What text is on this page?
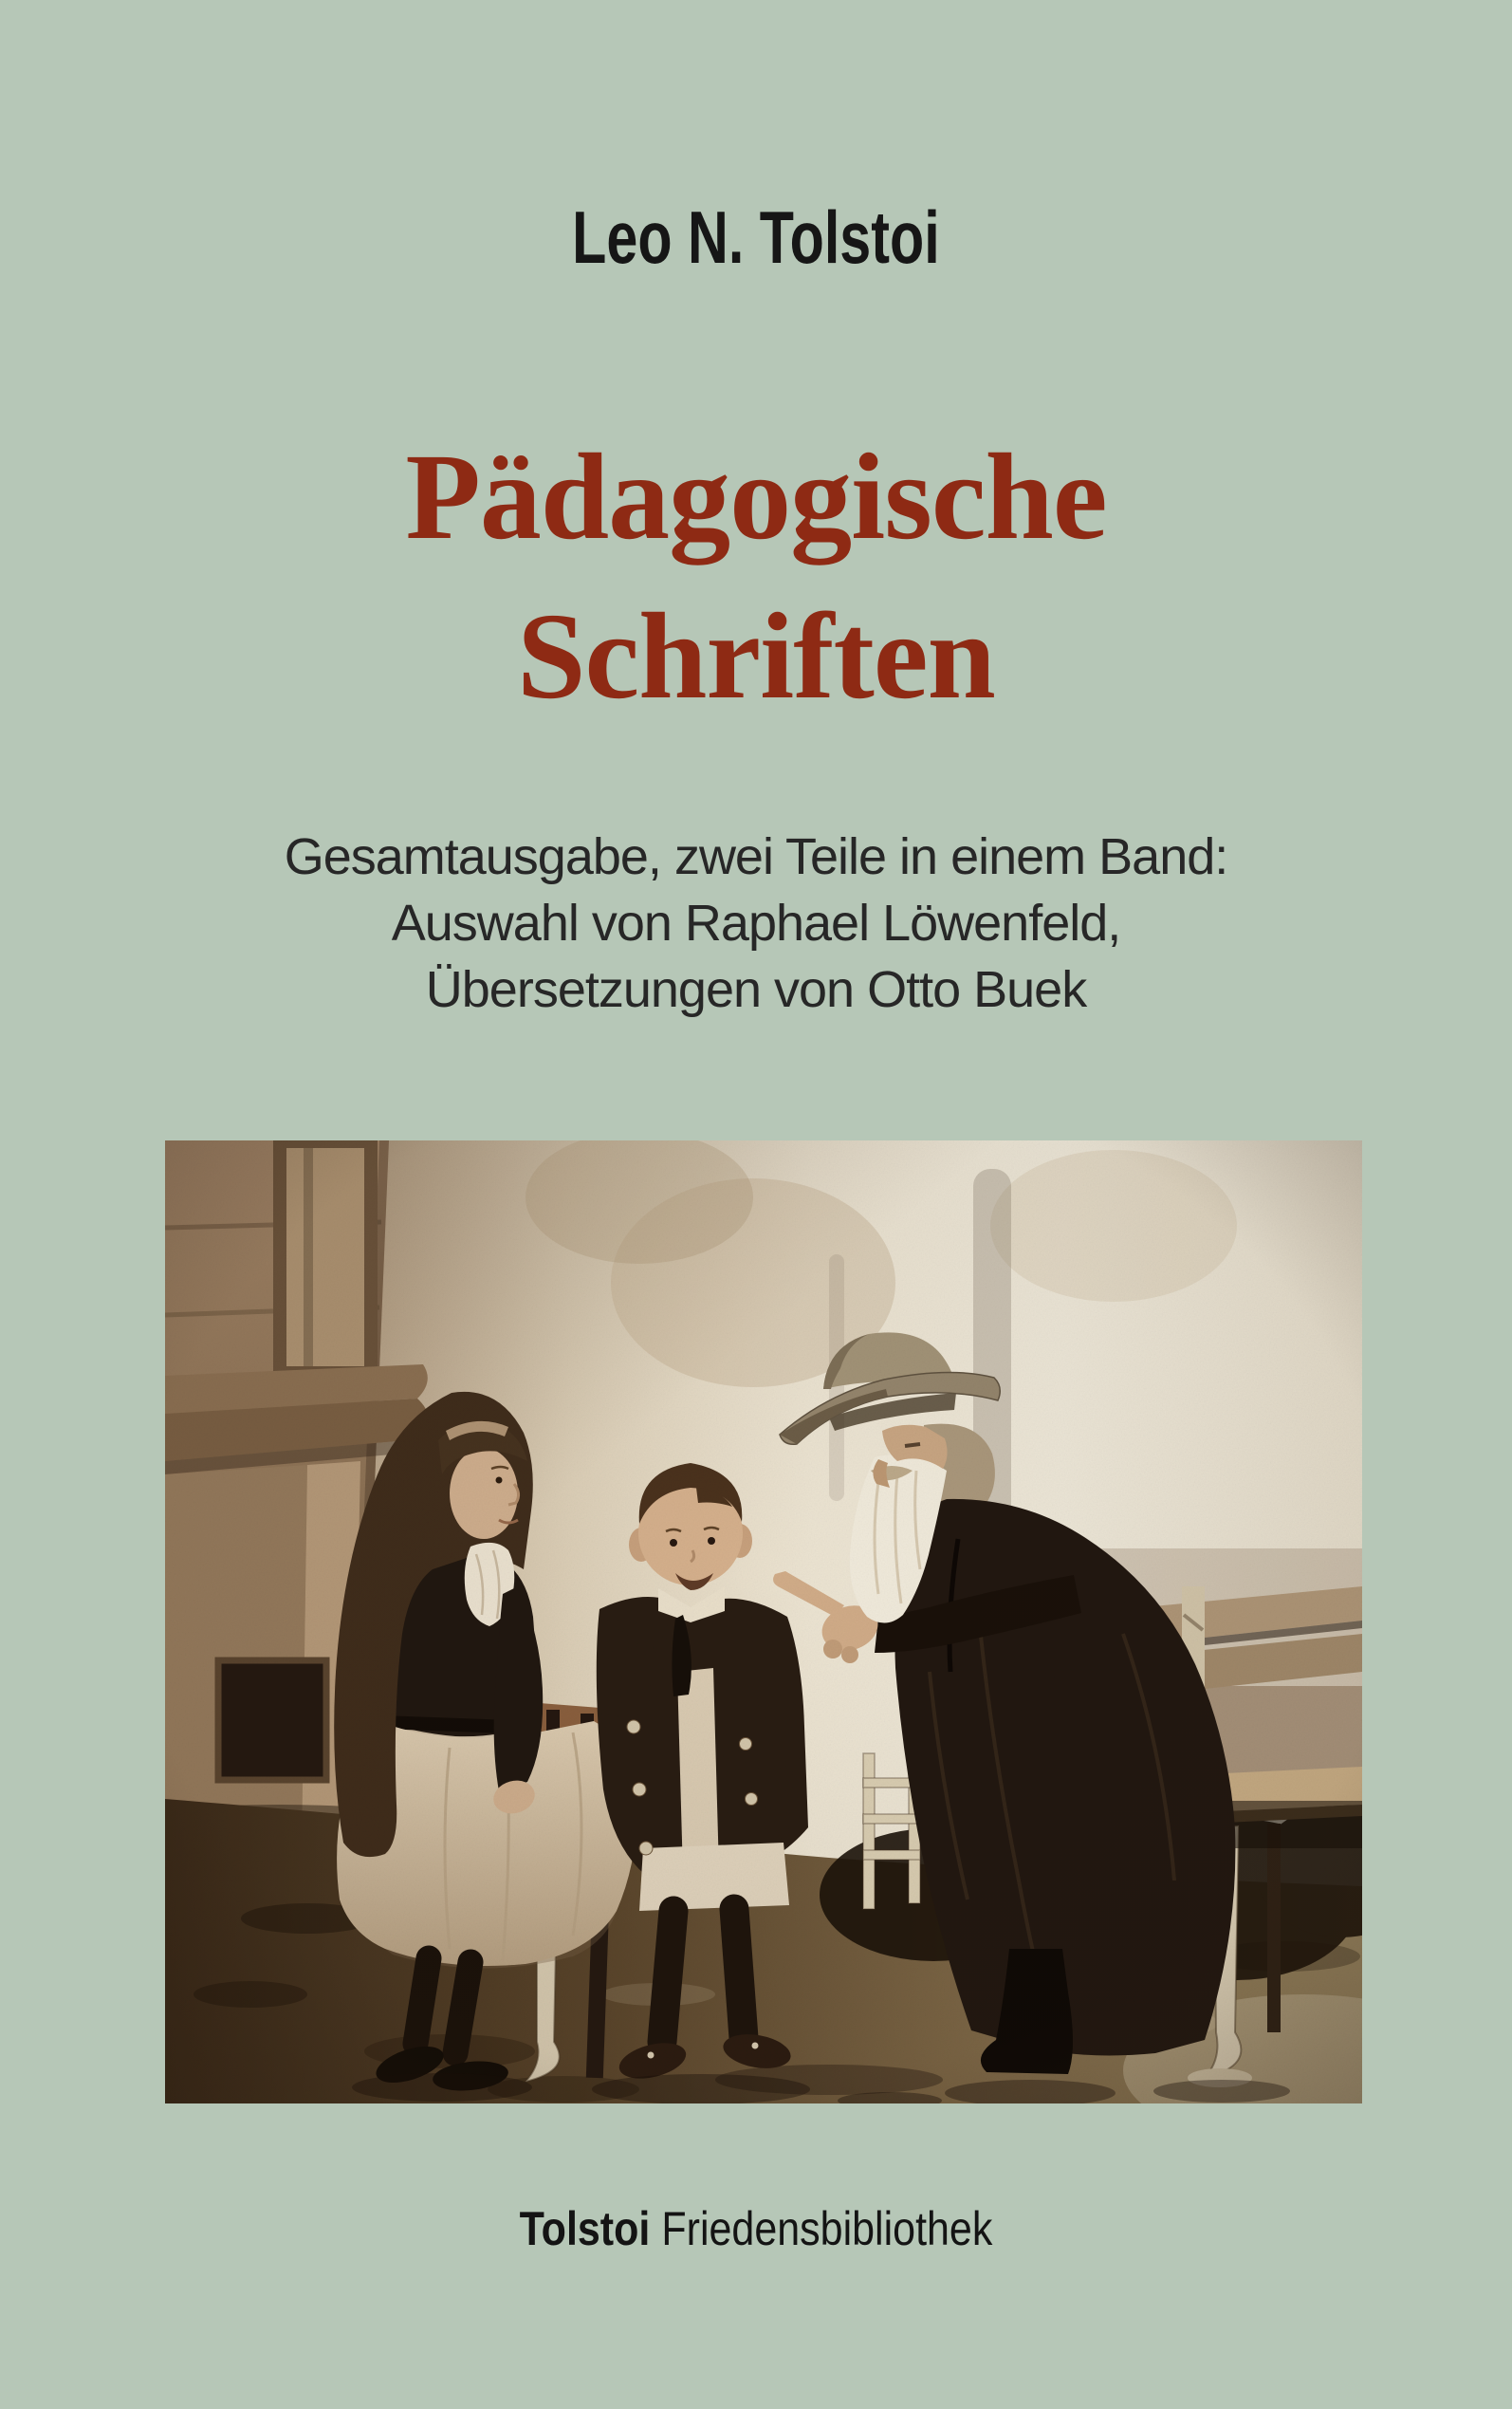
Leo N. Tolstoi
Pädagogische
Schriften
Gesamtausgabe, zwei Teile in einem Band:
Auswahl von Raphael Löwenfeld,
Übersetzungen von Otto Buek
Tolstoi Friedensbibliothek
